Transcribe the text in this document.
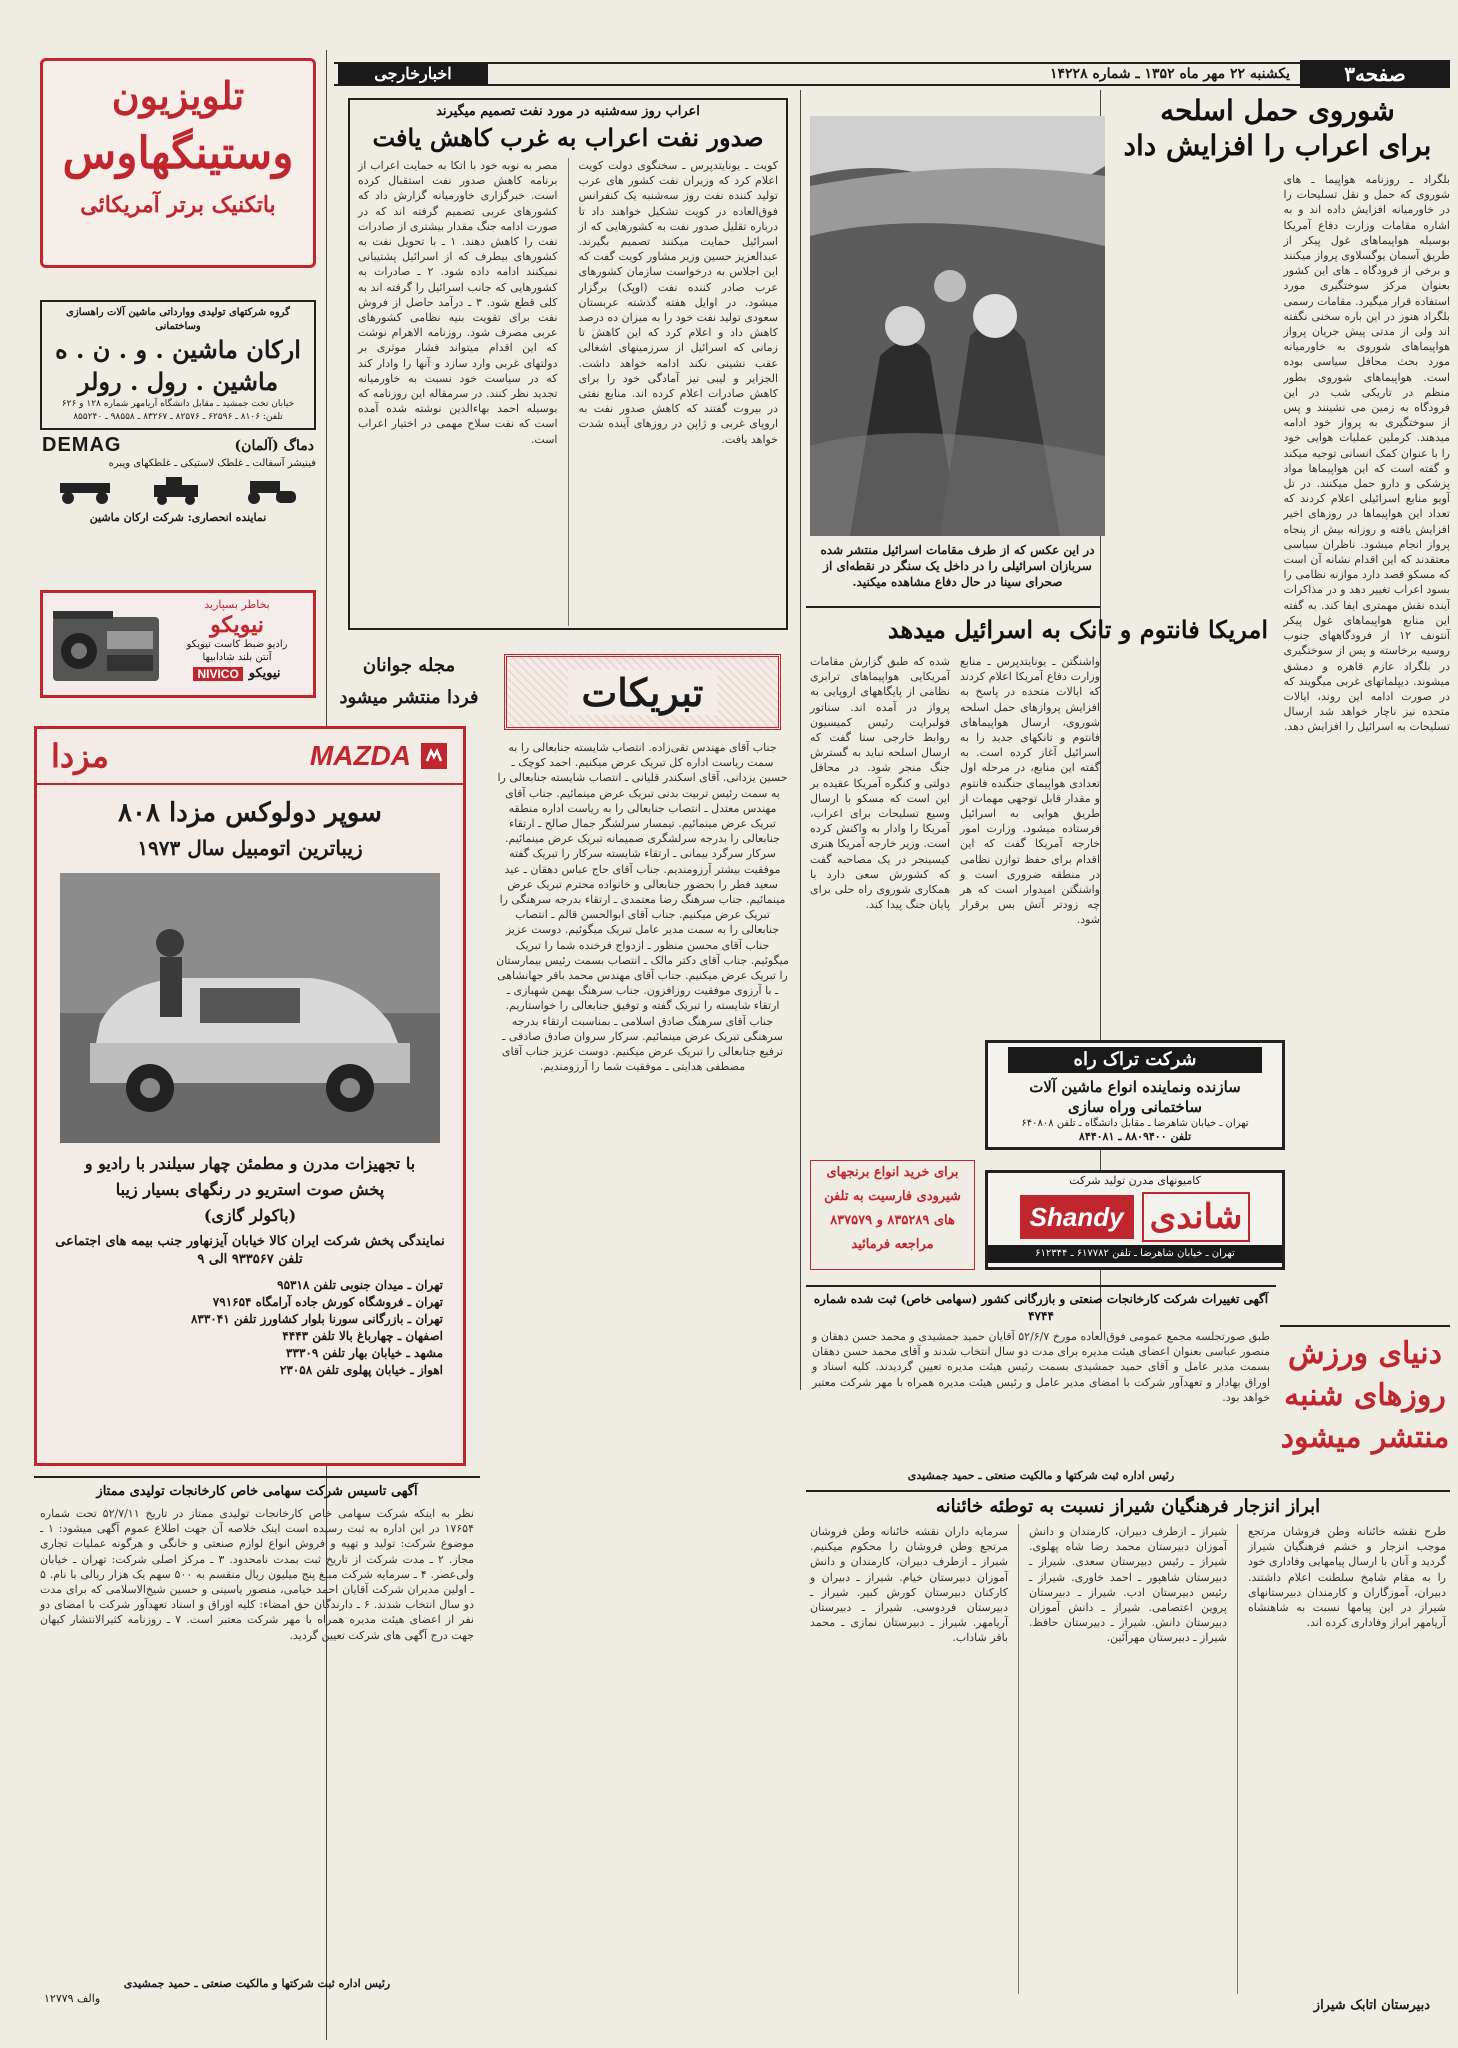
صفحه۳
یکشنبه ۲۲ مهر ماه ۱۳۵۲ ـ شماره ۱۴۲۲۸
اخبارخارجی
شوروی حمل اسلحه
برای اعراب را افزایش داد
بلگراد ـ روزنامه هواپیما ـ های شوروی که حمل و نقل تسلیحات را در خاورمیانه افزایش داده اند و به اشاره مقامات وزارت دفاع آمریکا بوسیله هواپیماهای غول پیکر از طریق آسمان یوگسلاوی پرواز میکنند و برخی از فرودگاه ـ های این کشور بعنوان مرکز سوختگیری مورد استفاده قرار میگیرد. مقامات رسمی بلگراد هنوز در این باره سخنی نگفته اند ولی از مدتی پیش جریان پرواز هواپیماهای شوروی به خاورمیانه مورد بحث محافل سیاسی بوده است. هواپیماهای شوروی بطور منظم در تاریکی شب در این فرودگاه به زمین می نشینند و پس از سوختگیری به پرواز خود ادامه میدهند. کرملین عملیات هوایی خود را با عنوان کمک انسانی توجیه میکند و گفته است که این هواپیماها مواد پزشکی و دارو حمل میکنند. در تل آویو منابع اسرائیلی اعلام کردند که تعداد این هواپیماها در روزهای اخیر افزایش یافته و روزانه بیش از پنجاه پرواز انجام میشود. ناظران سیاسی معتقدند که این اقدام نشانه آن است که مسکو قصد دارد موازنه نظامی را بسود اعراب تغییر دهد و در مذاکرات آینده نقش مهمتری ایفا کند. به گفته این منابع هواپیماهای غول پیکر آنتونف ۱۲ از فرودگاههای جنوب روسیه برخاسته و پس از سوختگیری در بلگراد عازم قاهره و دمشق میشوند. دیپلماتهای غربی میگویند که در صورت ادامه این روند، ایالات متحده نیز ناچار خواهد شد ارسال تسلیحات به اسرائیل را افزایش دهد.
دنیای ورزش
روزهای شنبه
منتشر میشود
در این عکس که از طرف مقامات اسرائیل منتشر شده سربازان اسرائیلی را در داخل یک سنگر در نقطه‌ای از صحرای سینا در حال دفاع مشاهده میکنید.
اعراب روز سه‌شنبه در مورد نفت تصمیم میگیرند
صدور نفت اعراب به غرب کاهش یافت
کویت ـ یونایتدپرس ـ سخنگوی دولت کویت اعلام کرد که وزیران نفت کشور های عرب تولید کننده نفت روز سه‌شنبه یک کنفرانس فوق‌العاده در کویت تشکیل خواهند داد تا درباره تقلیل صدور نفت به کشورهایی که از اسرائیل حمایت میکنند تصمیم بگیرند. عبدالعزیز حسین وزیر مشاور کویت گفت که این اجلاس به درخواست سازمان کشورهای عرب صادر کننده نفت (اوپک) برگزار میشود. در اوایل هفته گذشته عربستان سعودی تولید نفت خود را به میزان ده درصد کاهش داد و اعلام کرد که این کاهش تا زمانی که اسرائیل از سرزمینهای اشغالی عقب نشینی نکند ادامه خواهد داشت. الجزایر و لیبی نیز آمادگی خود را برای کاهش صادرات اعلام کرده اند. منابع نفتی در بیروت گفتند که کاهش صدور نفت به اروپای غربی و ژاپن در روزهای آینده شدت خواهد یافت.
مصر به نوبه خود با اتکا به حمایت اعراب از برنامه کاهش صدور نفت استقبال کرده است. خبرگزاری خاورمیانه گزارش داد که کشورهای عربی تصمیم گرفته اند که در صورت ادامه جنگ مقدار بیشتری از صادرات نفت را کاهش دهند. ۱ ـ با تحویل نفت به کشورهای بیطرف که از اسرائیل پشتیبانی نمیکنند ادامه داده شود. ۲ ـ صادرات به کشورهایی که جانب اسرائیل را گرفته اند به کلی قطع شود. ۳ ـ درآمد حاصل از فروش نفت برای تقویت بنیه نظامی کشورهای عربی مصرف شود. روزنامه الاهرام نوشت که این اقدام میتواند فشار موثری بر دولتهای غربی وارد سازد و آنها را وادار کند که در سیاست خود نسبت به خاورمیانه تجدید نظر کنند. در سرمقاله این روزنامه که بوسیله احمد بهاءالدین نوشته شده آمده است که نفت سلاح مهمی در اختیار اعراب است.
امریکا فانتوم و تانک به اسرائیل میدهد
واشنگتن ـ یونایتدپرس ـ منابع وزارت دفاع آمریکا اعلام کردند که ایالات متحده در پاسخ به افزایش پروازهای حمل اسلحه شوروی، ارسال هواپیماهای فانتوم و تانکهای جدید را به اسرائیل آغاز کرده است. به گفته این منابع، در مرحله اول تعدادی هواپیمای جنگنده فانتوم و مقدار قابل توجهی مهمات از طریق هوایی به اسرائیل فرستاده میشود. وزارت امور خارجه آمریکا گفت که این اقدام برای حفظ توازن نظامی در منطقه ضروری است و واشنگتن امیدوار است که هر چه زودتر آتش بس برقرار شود.
شده که طبق گزارش مقامات آمریکایی هواپیماهای ترابری نظامی از پایگاههای اروپایی به پرواز در آمده اند. سناتور فولبرایت رئیس کمیسیون روابط خارجی سنا گفت که ارسال اسلحه نباید به گسترش جنگ منجر شود. در محافل دولتی و کنگره آمریکا عقیده بر این است که مسکو با ارسال وسیع تسلیحات برای اعراب، آمریکا را وادار به واکنش کرده است. وزیر خارجه آمریکا هنری کیسینجر در یک مصاحبه گفت که کشورش سعی دارد با همکاری شوروی راه حلی برای پایان جنگ پیدا کند.
شرکت تراک راه
سازنده ونماینده انواع ماشین آلات
ساختمانی وراه سازی
تهران ـ خیابان شاهرضا ـ مقابل دانشگاه ـ تلفن ۶۴۰۸۰۸
تلفن ۸۸۰۹۴۰۰ ـ ۸۴۴۰۸۱
برای خرید انواع برنجهای
شیرودی فارسیت به تلفن
های ۸۳۵۲۸۹ و ۸۳۷۵۷۹
مراجعه فرمائید
کامیونهای مدرن تولید شرکت
شاندی
Shandy
تهران ـ خیابان شاهرضا ـ تلفن ۶۱۷۷۸۲ ـ ۶۱۲۳۴۴
آگهی تغییرات شرکت کارخانجات صنعتی و بازرگانی کشور (سهامی خاص) ثبت شده شماره ۴۷۴۴
طبق صورتجلسه مجمع عمومی فوق‌العاده مورخ ۵۲/۶/۷ آقایان حمید جمشیدی و محمد حسن دهقان و منصور عباسی بعنوان اعضای هیئت مدیره برای مدت دو سال انتخاب شدند و آقای محمد حسن دهقان بسمت مدیر عامل و آقای حمید جمشیدی بسمت رئیس هیئت مدیره تعیین گردیدند. کلیه اسناد و اوراق بهادار و تعهدآور شرکت با امضای مدیر عامل و رئیس هیئت مدیره همراه با مهر شرکت معتبر خواهد بود.
رئیس اداره ثبت شرکتها و مالکیت صنعتی ـ حمید جمشیدی
ابراز انزجار فرهنگیان شیراز نسبت به توطئه خائنانه
طرح نقشه خائنانه وطن فروشان مرتجع موجب انزجار و خشم فرهنگیان شیراز گردید و آنان با ارسال پیامهایی وفاداری خود را به مقام شامخ سلطنت اعلام داشتند. دبیران، آموزگاران و کارمندان دبیرستانهای شیراز در این پیامها نسبت به شاهنشاه آریامهر ابراز وفاداری کرده اند.
شیراز ـ ازطرف دبیران، کارمندان و دانش آموزان دبیرستان محمد رضا شاه پهلوی. شیراز ـ رئیس دبیرستان سعدی. شیراز ـ دبیرستان شاهپور ـ احمد خاوری. شیراز ـ رئیس دبیرستان ادب. شیراز ـ دبیرستان پروین اعتصامی. شیراز ـ دانش آموزان دبیرستان دانش. شیراز ـ دبیرستان حافظ. شیراز ـ دبیرستان مهرآئین.
سرمایه داران نقشه خائنانه وطن فروشان مرتجع وطن فروشان را محکوم میکنیم. شیراز ـ ازطرف دبیران، کارمندان و دانش آموزان دبیرستان خیام. شیراز ـ دبیران و کارکنان دبیرستان کورش کبیر. شیراز ـ دبیرستان فردوسی. شیراز ـ دبیرستان آریامهر. شیراز ـ دبیرستان نمازی ـ محمد باقر شاداب.
دبیرستان اتابک شیراز
تلویزیون
وستینگهاوس
باتکنیک برتر آمریکائی
گروه شرکتهای تولیدی ووارداتی ماشین آلات راهسازی وساختمانی
ارکان ماشین . و . ن . ه
ماشین . رول . رولر
خیابان تخت جمشید ـ مقابل دانشگاه آریامهر شماره ۱۲۸ و ۶۲۶
تلفن: ۸۱۰۶ ـ ۶۲۵۹۶ ـ ۸۲۵۷۶ ـ ۸۳۲۶۷ ـ ۹۸۵۵۸ ـ ۸۵۵۲۴۰
دماگ (آلمان)
DEMAG
فینیشر آسفالت ـ غلطک لاستیکی ـ غلطکهای ویبره
نماینده انحصاری: شرکت ارکان ماشین
بخاطر بسپارید
نیویکو
رادیو ضبط کاست نیویکو
آنتن بلند شادابیها
نیویکو
NIVICO	مجله جوانان
فردا منتشر میشود
مزدا	MAZDA
سوپر دولوکس مزدا ۸۰۸
زیباترین اتومبیل سال ۱۹۷۳
با تجهیزات مدرن و مطمئن چهار سیلندر با رادیو و
پخش صوت استریو در رنگهای بسیار زیبا
(باکولر گازی)
نمایندگی پخش شرکت ایران کالا خیابان آیزنهاور جنب بیمه های اجتماعی تلفن ۹۳۳۵۶۷ الی ۹
تهران ـ میدان جنوبی تلفن ۹۵۳۱۸
تهران ـ فروشگاه کورش جاده آرامگاه ۷۹۱۶۵۴
تهران ـ بازرگانی سورنا بلوار کشاورز تلفن ۸۳۳۰۴۱
اصفهان ـ چهارباغ بالا تلفن ۴۴۴۳
مشهد ـ خیابان بهار تلفن ۳۳۳۰۹
اهواز ـ خیابان پهلوی تلفن ۲۳۰۵۸
تبریکات
جناب آقای مهندس تقی‌زاده. انتصاب شایسته جنابعالی را به سمت ریاست اداره کل تبریک عرض میکنیم. احمد کوچک ـ حسین یزدانی. آقای اسکندر قلیانی ـ انتصاب شایسته جنابعالی را به سمت رئیس تربیت بدنی تبریک عرض مینمائیم. جناب آقای مهندس معتدل ـ انتصاب جنابعالی را به ریاست اداره منطقه تبریک عرض مینمائیم. تیمسار سرلشگر جمال صالح ـ ارتقاء جنابعالی را بدرجه سرلشگری صمیمانه تبریک عرض مینمائیم. سرکار سرگرد بیمانی ـ ارتقاء شایسته سرکار را تبریک گفته موفقیت بیشتر آرزومندیم. جناب آقای حاج عباس دهقان ـ عید سعید فطر را بحضور جنابعالی و خانواده محترم تبریک عرض مینمائیم. جناب سرهنگ رضا معتمدی ـ ارتقاء بدرجه سرهنگی را تبریک عرض میکنیم. جناب آقای ابوالحسن قالم ـ انتصاب جنابعالی را به سمت مدیر عامل تبریک میگوئیم. دوست عزیز جناب آقای محسن منظور ـ ازدواج فرخنده شما را تبریک میگوئیم. جناب آقای دکتر مالک ـ انتصاب بسمت رئیس بیمارستان را تبریک عرض میکنیم. جناب آقای مهندس محمد باقر جهانشاهی ـ با آرزوی موفقیت روزافزون. جناب سرهنگ بهمن شهبازی ـ ارتقاء شایسته را تبریک گفته و توفیق جنابعالی را خواستاریم. جناب آقای سرهنگ صادق اسلامی ـ بمناسبت ارتقاء بدرجه سرهنگی تبریک عرض مینمائیم. سرکار سروان صادق صادقی ـ ترفیع جنابعالی را تبریک عرض میکنیم. دوست عزیز جناب آقای مصطفی هدایتی ـ موفقیت شما را آرزومندیم.
آگهی تاسیس شرکت سهامی خاص کارخانجات تولیدی ممتاز
نظر به اینکه شرکت سهامی خاص کارخانجات تولیدی ممتاز در تاریخ ۵۲/۷/۱۱ تحت شماره ۱۷۶۵۴ در این اداره به ثبت رسیده است اینک خلاصه آن جهت اطلاع عموم آگهی میشود: ۱ ـ موضوع شرکت: تولید و تهیه و فروش انواع لوازم صنعتی و خانگی و هرگونه عملیات تجاری مجاز. ۲ ـ مدت شرکت از تاریخ ثبت بمدت نامحدود. ۳ ـ مرکز اصلی شرکت: تهران ـ خیابان ولی‌عصر. ۴ ـ سرمایه شرکت مبلغ پنج میلیون ریال منقسم به ۵۰۰ سهم یک هزار ریالی با نام. ۵ ـ اولین مدیران شرکت آقایان احمد خیامی، منصور یاسینی و حسین شیخ‌الاسلامی که برای مدت دو سال انتخاب شدند. ۶ ـ دارندگان حق امضاء: کلیه اوراق و اسناد تعهدآور شرکت با امضای دو نفر از اعضای هیئت مدیره همراه با مهر شرکت معتبر است. ۷ ـ روزنامه کثیرالانتشار کیهان جهت درج آگهی های شرکت تعیین گردید.
رئیس اداره ثبت شرکتها و مالکیت صنعتی ـ حمید جمشیدی
والف ۱۲۷۷۹
